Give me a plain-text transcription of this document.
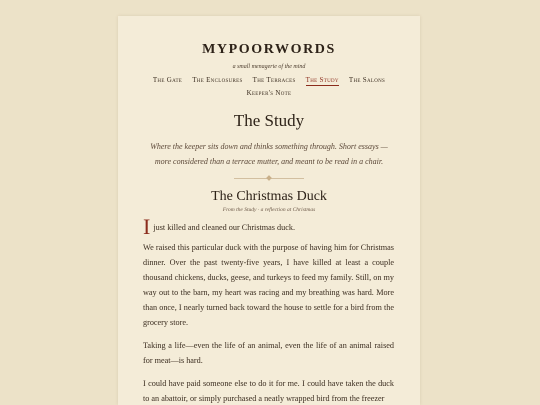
MYPOORWORDS
a small menagerie of the mind
The Gate The Enclosures The Terraces The Study The Salons
Keeper's Note
The Study
Where the keeper sits down and thinks something through. Short essays — more considered than a terrace mutter, and meant to be read in a chair.
The Christmas Duck
From the Study · a reflection at Christmas

I just killed and cleaned our Christmas duck.

We raised this particular duck with the purpose of having him for Christmas dinner. Over the past twenty-five years, I have killed at least a couple thousand chickens, ducks, geese, and turkeys to feed my family. Still, on my way out to the barn, my heart was racing and my breathing was hard. More than once, I nearly turned back toward the house to settle for a bird from the grocery store.

Taking a life—even the life of an animal, even the life of an animal raised for meat—is hard.

I could have paid someone else to do it for me. I could have taken the duck to an abattoir, or simply purchased a neatly wrapped bird from the freezer
